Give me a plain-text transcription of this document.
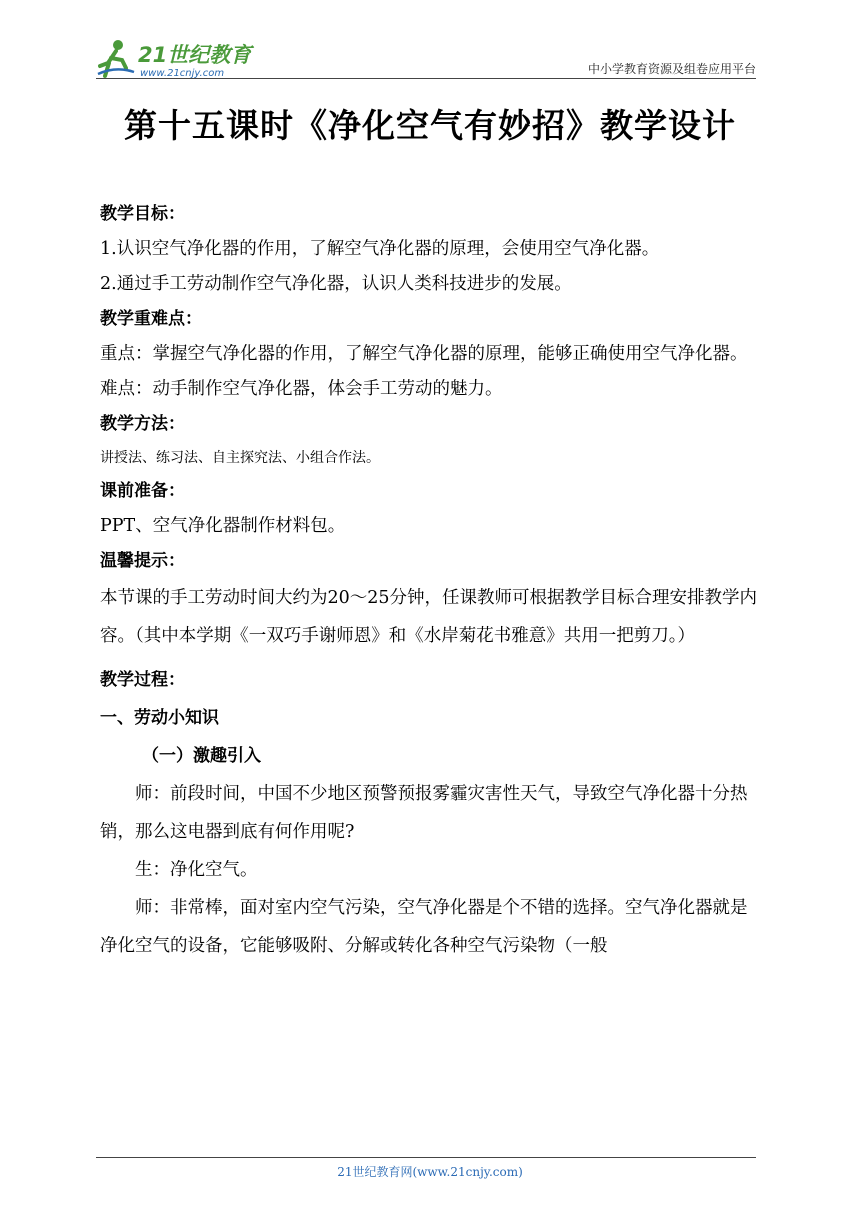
21世纪教育
www.21cnjy.com	中小学教育资源及组卷应用平台
第十五课时《净化空气有妙招》教学设计
教学目标：
1.认识空气净化器的作用，了解空气净化器的原理，会使用空气净化器。
2.通过手工劳动制作空气净化器，认识人类科技进步的发展。
教学重难点：
重点：掌握空气净化器的作用，了解空气净化器的原理，能够正确使用空气净化器。
难点：动手制作空气净化器，体会手工劳动的魅力。
教学方法：
讲授法、练习法、自主探究法、小组合作法。
课前准备：
PPT、空气净化器制作材料包。
温馨提示：
本节课的手工劳动时间大约为20～25分钟，任课教师可根据教学目标合理安排教学内容。（其中本学期《一双巧手谢师恩》和《水岸菊花书雅意》共用一把剪刀。）
教学过程：
一、劳动小知识
（一）激趣引入
师：前段时间，中国不少地区预警预报雾霾灾害性天气，导致空气净化器十分热销，那么这电器到底有何作用呢?
生：净化空气。
师：非常棒，面对室内空气污染，空气净化器是个不错的选择。空气净化器就是净化空气的设备，它能够吸附、分解或转化各种空气污染物（一般
21世纪教育网(www.21cnjy.com)
